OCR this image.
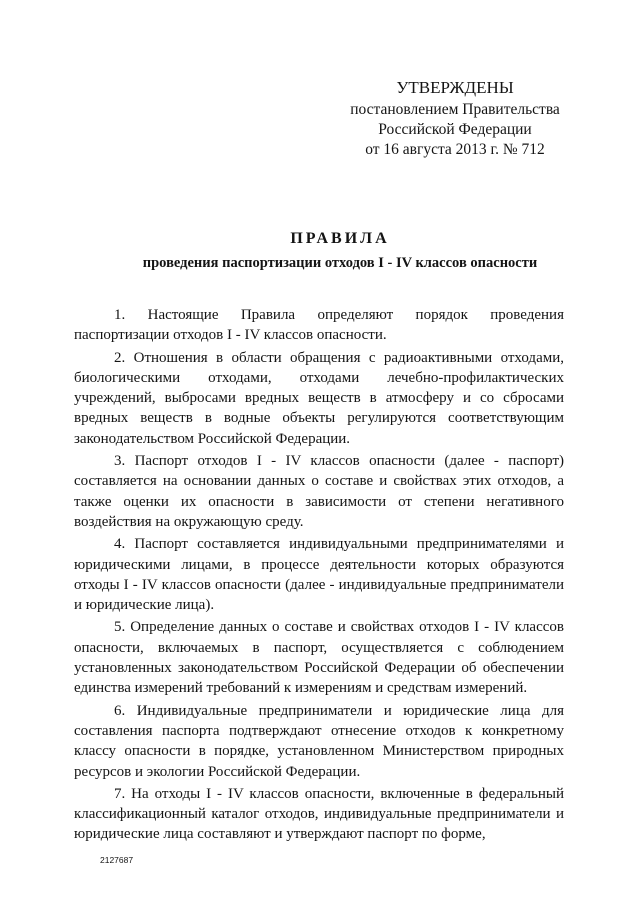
УТВЕРЖДЕНЫ
постановлением Правительства
Российской Федерации
от 16 августа 2013 г. № 712
ПРАВИЛА
проведения паспортизации отходов I - IV классов опасности

1. Настоящие Правила определяют порядок проведения паспортизации отходов I - IV классов опасности.

2. Отношения в области обращения с радиоактивными отходами, биологическими отходами, отходами лечебно-профилактических учреждений, выбросами вредных веществ в атмосферу и со сбросами вредных веществ в водные объекты регулируются соответствующим законодательством Российской Федерации.

3. Паспорт отходов I - IV классов опасности (далее - паспорт) составляется на основании данных о составе и свойствах этих отходов, а также оценки их опасности в зависимости от степени негативного воздействия на окружающую среду.

4. Паспорт составляется индивидуальными предпринимателями и юридическими лицами, в процессе деятельности которых образуются отходы I - IV классов опасности (далее - индивидуальные предприниматели и юридические лица).

5. Определение данных о составе и свойствах отходов I - IV классов опасности, включаемых в паспорт, осуществляется с соблюдением установленных законодательством Российской Федерации об обеспечении единства измерений требований к измерениям и средствам измерений.

6. Индивидуальные предприниматели и юридические лица для составления паспорта подтверждают отнесение отходов к конкретному классу опасности в порядке, установленном Министерством природных ресурсов и экологии Российской Федерации.

7. На отходы I - IV классов опасности, включенные в федеральный классификационный каталог отходов, индивидуальные предприниматели и юридические лица составляют и утверждают паспорт по форме,

2127687
